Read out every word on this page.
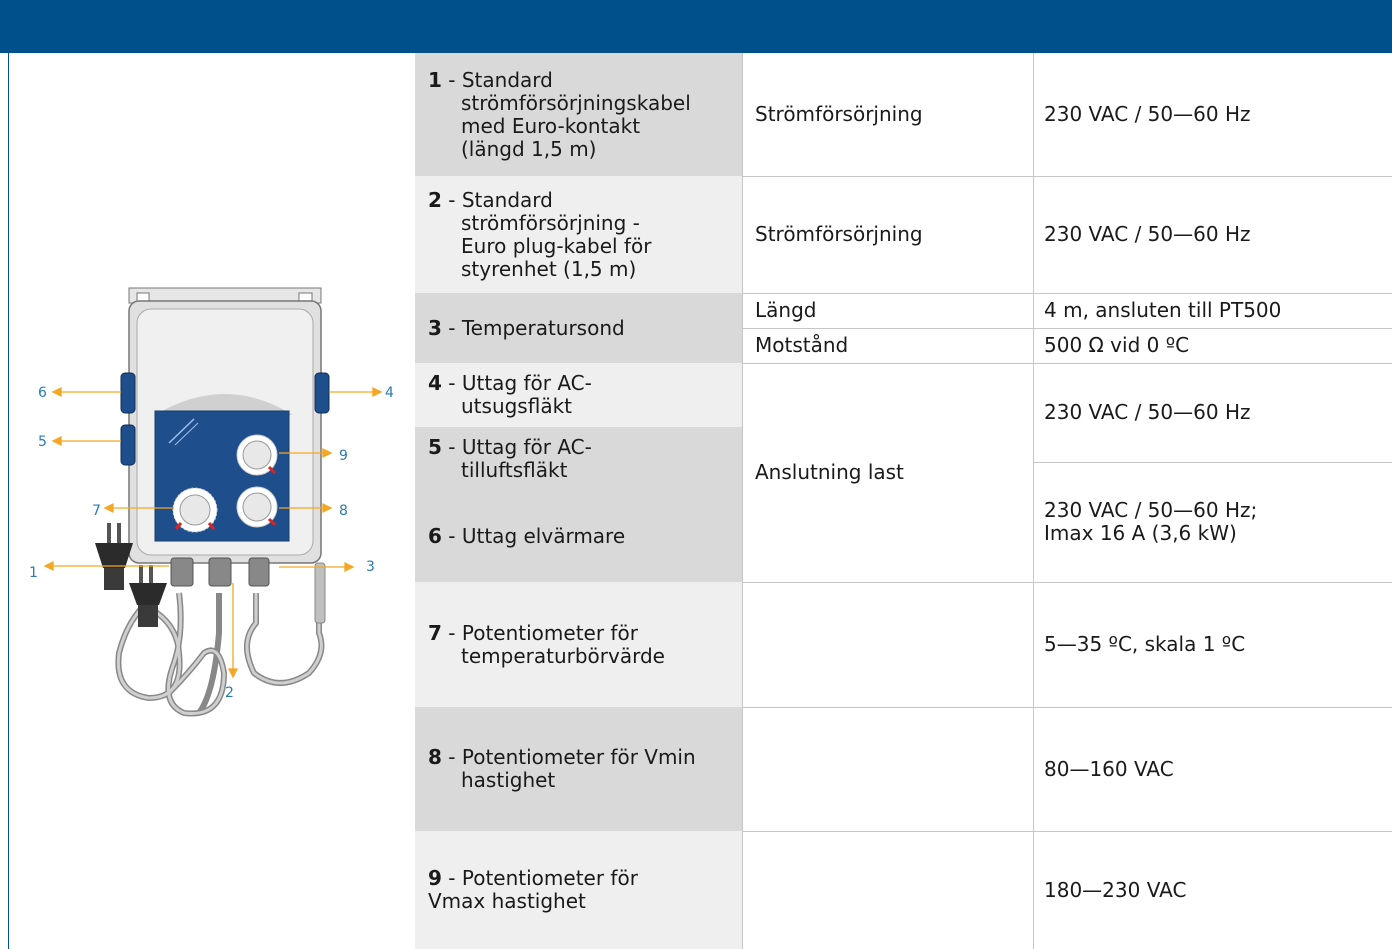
6
5
4
9
8
7
1	3
2
1 - Standard
strömförsörjningskabel
med Euro-kontakt
(längd 1,5 m)
2 - Standard
strömförsörjning -
Euro plug-kabel för
styrenhet (1,5 m)
3 - Temperatursond
4 - Uttag för AC-
utsugsfläkt
5 - Uttag för AC-
tilluftsfläkt
6 - Uttag elvärmare
7 - Potentiometer för
temperaturbörvärde
8 - Potentiometer för Vmin
hastighet
9 - Potentiometer för
Vmax hastighet
Strömförsörjning
Strömförsörjning
Längd
Motstånd
Anslutning last
230 VAC / 50—60 Hz
230 VAC / 50—60 Hz
4 m, ansluten till PT500
500 Ω vid 0 ºC
230 VAC / 50—60 Hz
230 VAC / 50—60 Hz;
Imax 16 A (3,6 kW)
5—35 ºC, skala 1 ºC
80—160 VAC
180—230 VAC
